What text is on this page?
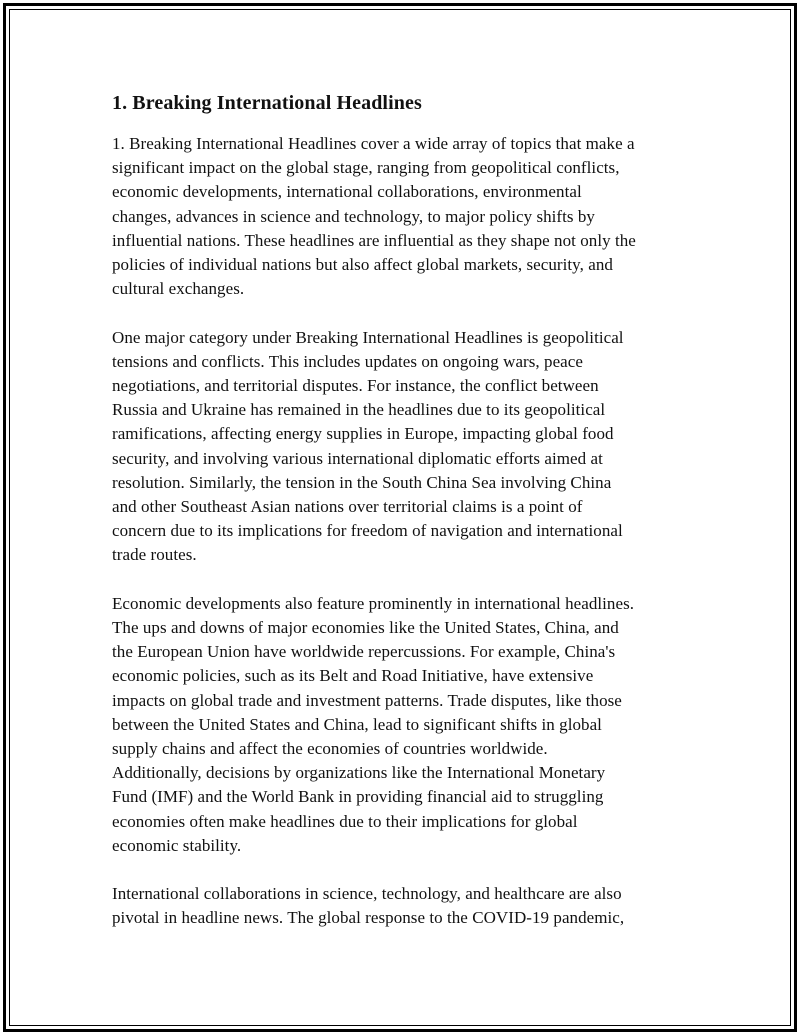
1. Breaking International Headlines

1. Breaking International Headlines cover a wide array of topics that make a
significant impact on the global stage, ranging from geopolitical conflicts,
economic developments, international collaborations, environmental
changes, advances in science and technology, to major policy shifts by
influential nations. These headlines are influential as they shape not only the
policies of individual nations but also affect global markets, security, and
cultural exchanges.

One major category under Breaking International Headlines is geopolitical
tensions and conflicts. This includes updates on ongoing wars, peace
negotiations, and territorial disputes. For instance, the conflict between
Russia and Ukraine has remained in the headlines due to its geopolitical
ramifications, affecting energy supplies in Europe, impacting global food
security, and involving various international diplomatic efforts aimed at
resolution. Similarly, the tension in the South China Sea involving China
and other Southeast Asian nations over territorial claims is a point of
concern due to its implications for freedom of navigation and international
trade routes.

Economic developments also feature prominently in international headlines.
The ups and downs of major economies like the United States, China, and
the European Union have worldwide repercussions. For example, China's
economic policies, such as its Belt and Road Initiative, have extensive
impacts on global trade and investment patterns. Trade disputes, like those
between the United States and China, lead to significant shifts in global
supply chains and affect the economies of countries worldwide.
Additionally, decisions by organizations like the International Monetary
Fund (IMF) and the World Bank in providing financial aid to struggling
economies often make headlines due to their implications for global
economic stability.

International collaborations in science, technology, and healthcare are also
pivotal in headline news. The global response to the COVID-19 pandemic,
